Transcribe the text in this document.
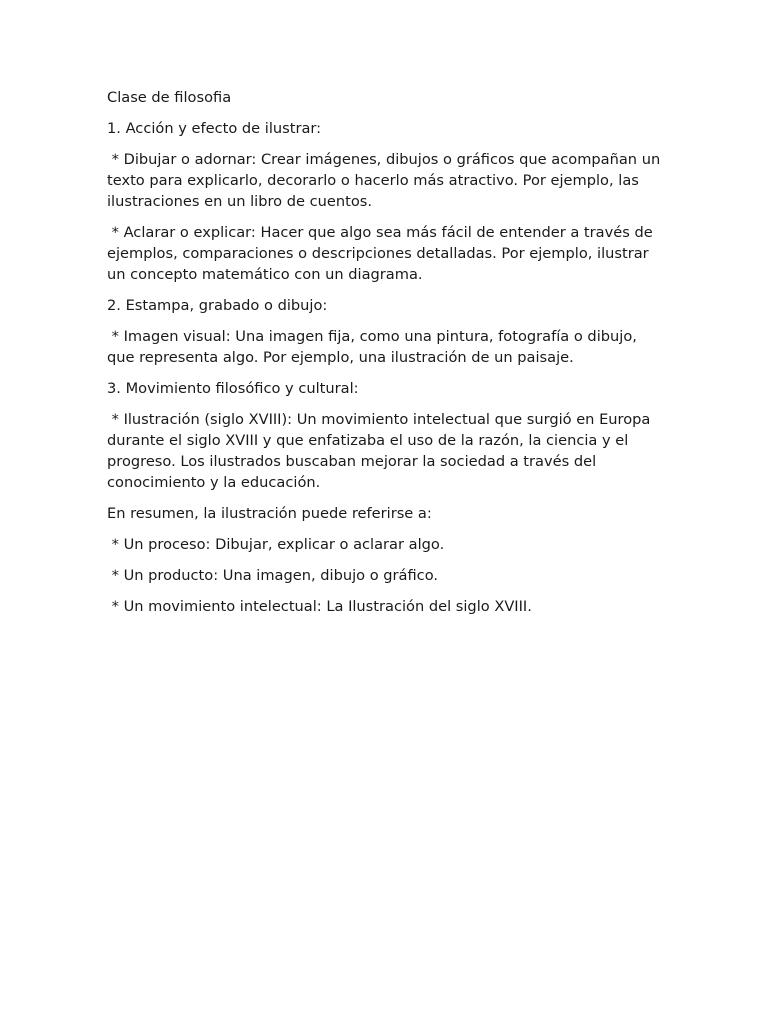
Clase de filosofia

1. Acción y efecto de ilustrar:

* Dibujar o adornar: Crear imágenes, dibujos o gráficos que acompañan un texto para explicarlo, decorarlo o hacerlo más atractivo. Por ejemplo, las ilustraciones en un libro de cuentos.

* Aclarar o explicar: Hacer que algo sea más fácil de entender a través de ejemplos, comparaciones o descripciones detalladas. Por ejemplo, ilustrar un concepto matemático con un diagrama.

2. Estampa, grabado o dibujo:

* Imagen visual: Una imagen fija, como una pintura, fotografía o dibujo, que representa algo. Por ejemplo, una ilustración de un paisaje.

3. Movimiento filosófico y cultural:

* Ilustración (siglo XVIII): Un movimiento intelectual que surgió en Europa durante el siglo XVIII y que enfatizaba el uso de la razón, la ciencia y el progreso. Los ilustrados buscaban mejorar la sociedad a través del conocimiento y la educación.

En resumen, la ilustración puede referirse a:

* Un proceso: Dibujar, explicar o aclarar algo.

* Un producto: Una imagen, dibujo o gráfico.

* Un movimiento intelectual: La Ilustración del siglo XVIII.
